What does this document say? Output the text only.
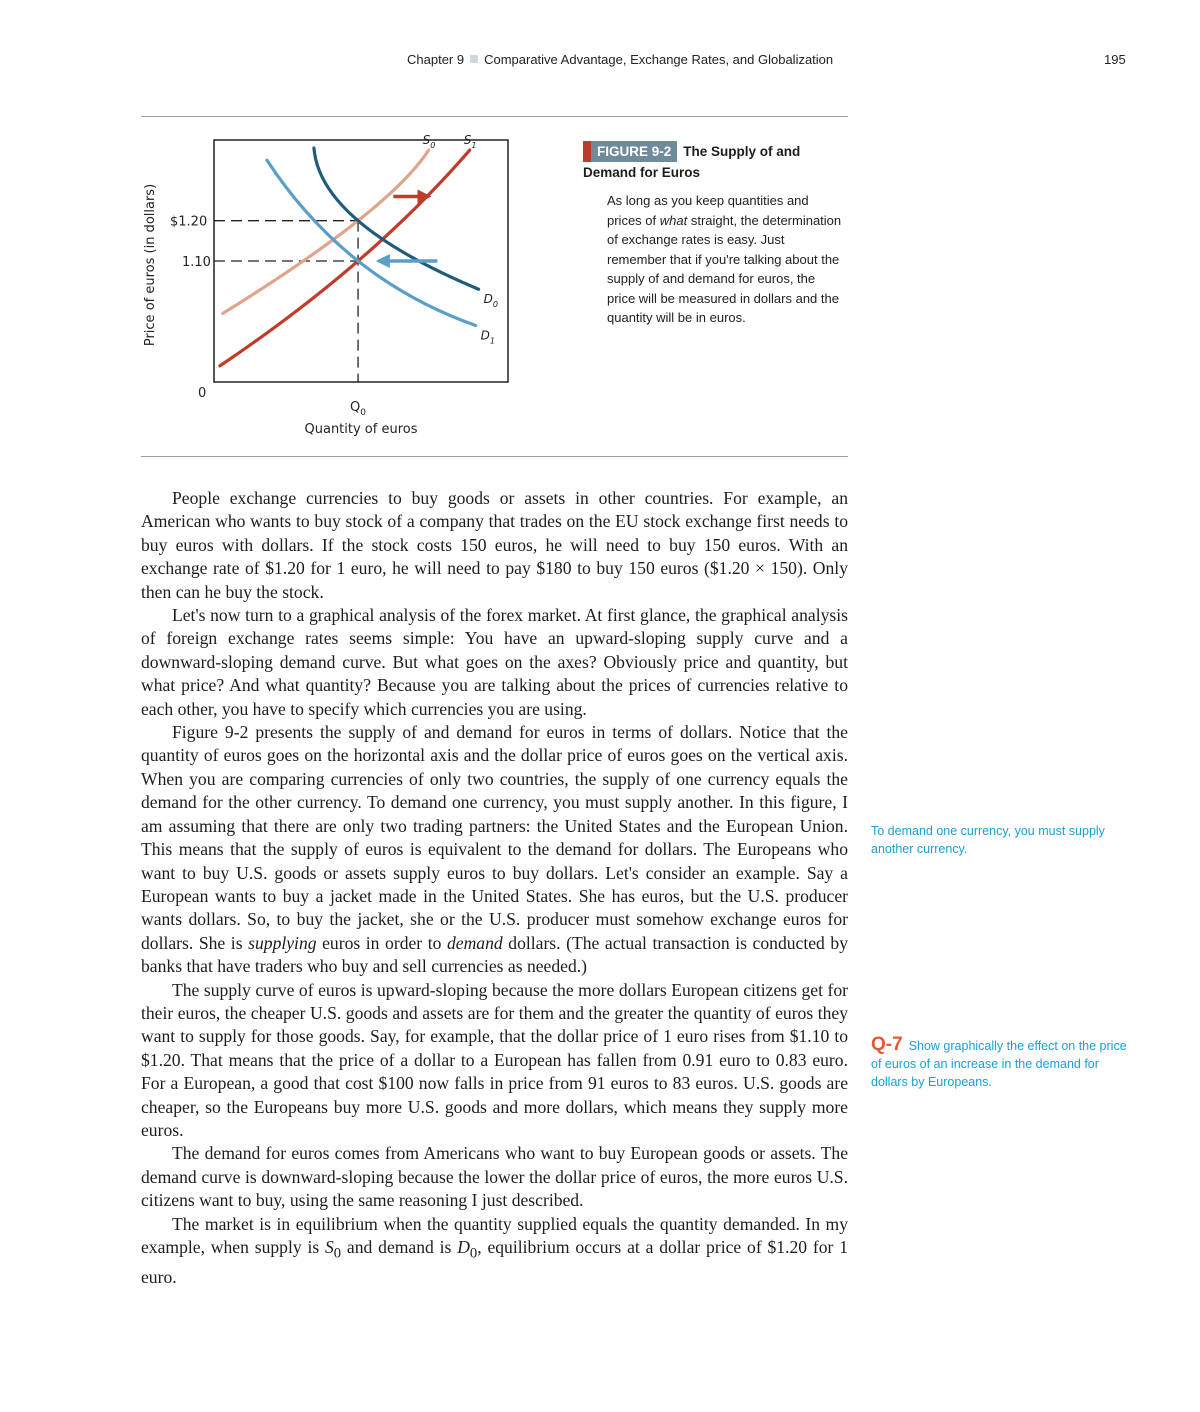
Chapter 9 Comparative Advantage, Exchange Rates, and Globalization	195
$S_0$ $S_1$
$D_0$
$D_1$
$1.20
1.10
0
$Q_0$
Quantity of euros
Price of euros (in dollars)
FIGURE 9-2 The Supply of and Demand for Euros
As long as you keep quantities and prices of what straight, the determination of exchange rates is easy. Just remember that if you're talking about the supply of and demand for euros, the price will be measured in dollars and the quantity will be in euros.

People exchange currencies to buy goods or assets in other countries. For example, an American who wants to buy stock of a company that trades on the EU stock exchange first needs to buy euros with dollars. If the stock costs 150 euros, he will need to buy 150 euros. With an exchange rate of $1.20 for 1 euro, he will need to pay $180 to buy 150 euros ($1.20 × 150). Only then can he buy the stock.

Let's now turn to a graphical analysis of the forex market. At first glance, the graphical analysis of foreign exchange rates seems simple: You have an upward-sloping supply curve and a downward-sloping demand curve. But what goes on the axes? Obviously price and quantity, but what price? And what quantity? Because you are talking about the prices of currencies relative to each other, you have to specify which currencies you are using.

Figure 9-2 presents the supply of and demand for euros in terms of dollars. Notice that the quantity of euros goes on the horizontal axis and the dollar price of euros goes on the vertical axis. When you are comparing currencies of only two countries, the supply of one currency equals the demand for the other currency. To demand one currency, you must supply another. In this figure, I am assuming that there are only two trading partners: the United States and the European Union. This means that the supply of euros is equivalent to the demand for dollars. The Europeans who want to buy U.S. goods or assets supply euros to buy dollars. Let's consider an example. Say a European wants to buy a jacket made in the United States. She has euros, but the U.S. producer wants dollars. So, to buy the jacket, she or the U.S. producer must somehow exchange euros for dollars. She is supplying euros in order to demand dollars. (The actual transaction is conducted by banks that have traders who buy and sell currencies as needed.)

The supply curve of euros is upward-sloping because the more dollars European citizens get for their euros, the cheaper U.S. goods and assets are for them and the greater the quantity of euros they want to supply for those goods. Say, for example, that the dollar price of 1 euro rises from $1.10 to $1.20. That means that the price of a dollar to a European has fallen from 0.91 euro to 0.83 euro. For a European, a good that cost $100 now falls in price from 91 euros to 83 euros. U.S. goods are cheaper, so the Europeans buy more U.S. goods and more dollars, which means they supply more euros.

The demand for euros comes from Americans who want to buy European goods or assets. The demand curve is downward-sloping because the lower the dollar price of euros, the more euros U.S. citizens want to buy, using the same reasoning I just described.

The market is in equilibrium when the quantity supplied equals the quantity demanded. In my example, when supply is $S_0$ and demand is $D_0$, equilibrium occurs at a dollar price of $1.20 for 1 euro.

To demand one currency, you must supply another currency.
Q-7 Show graphically the effect on the price of euros of an increase in the demand for dollars by Europeans.
